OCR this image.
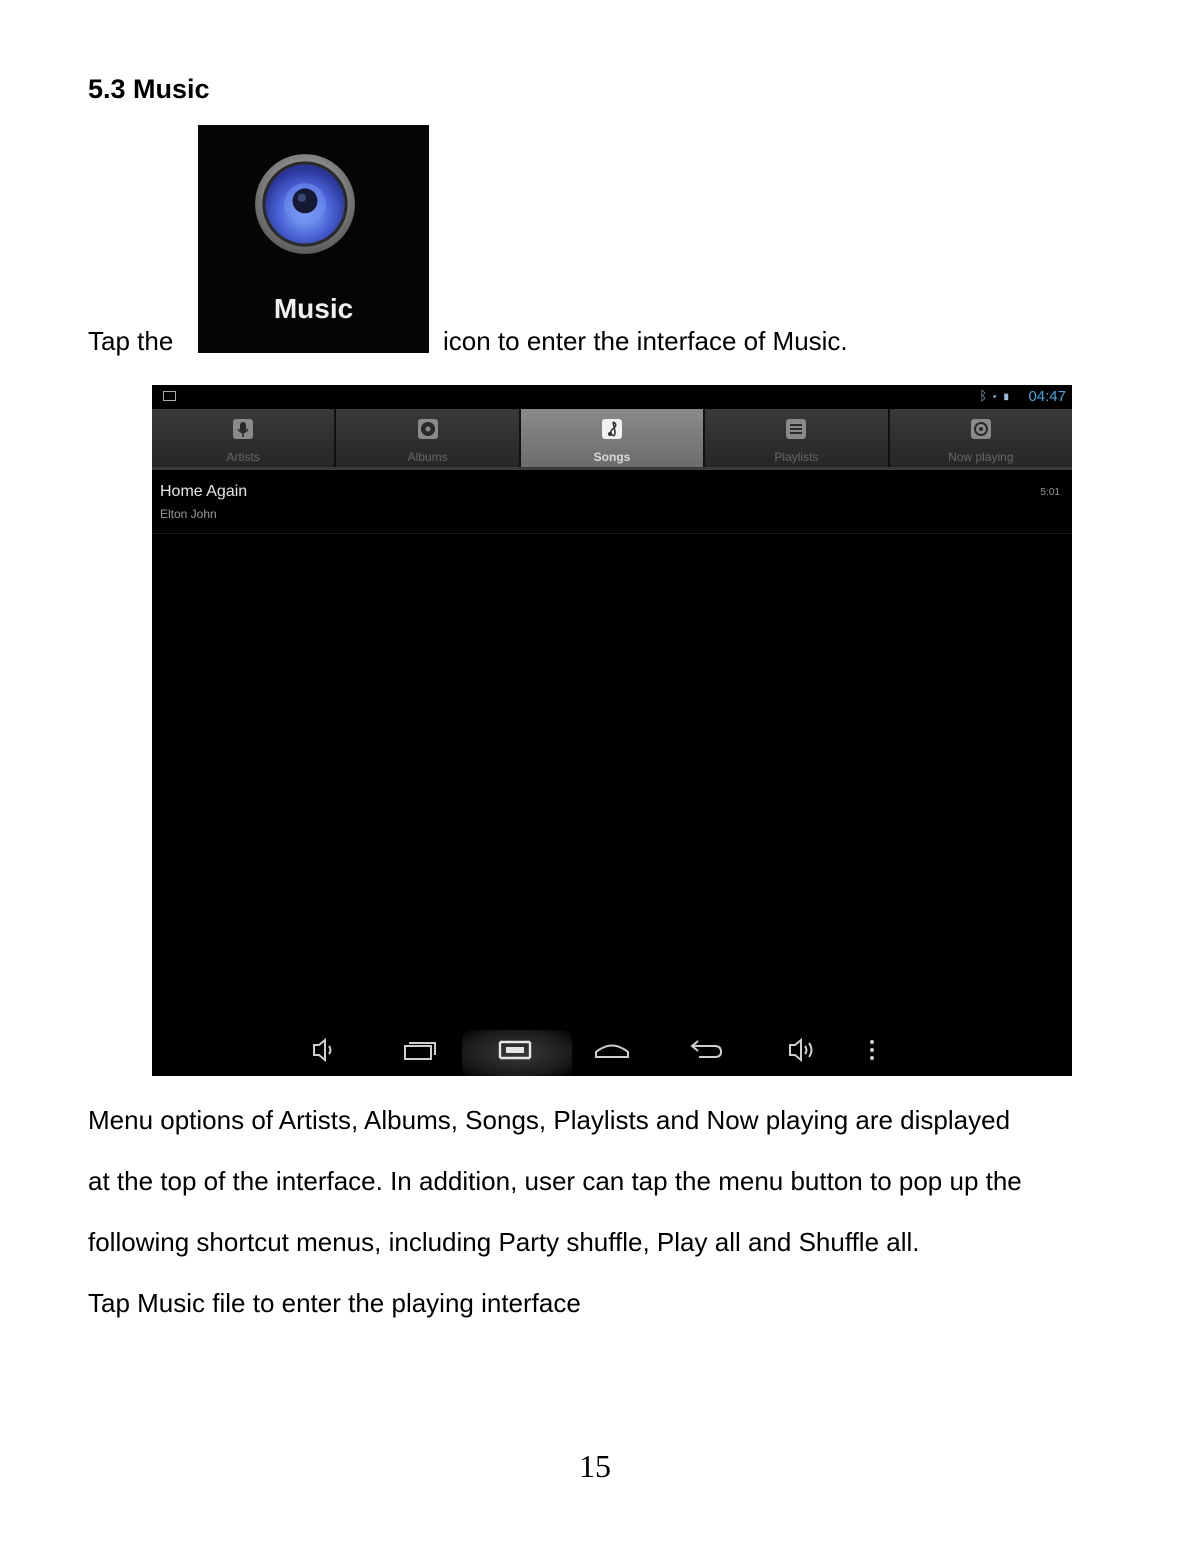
5.3 Music
Tap the
Music
icon to enter the interface of Music.
ᛒ ▾ ▮ 04:47
Artists	Albums	Songs	Playlists	Now playing
Home Again
Elton John
5:01
Menu options of Artists, Albums, Songs, Playlists and Now playing are displayed
at the top of the interface. In addition, user can tap the menu button to pop up the
following shortcut menus, including Party shuffle, Play all and Shuffle all.
Tap Music file to enter the playing interface
15
